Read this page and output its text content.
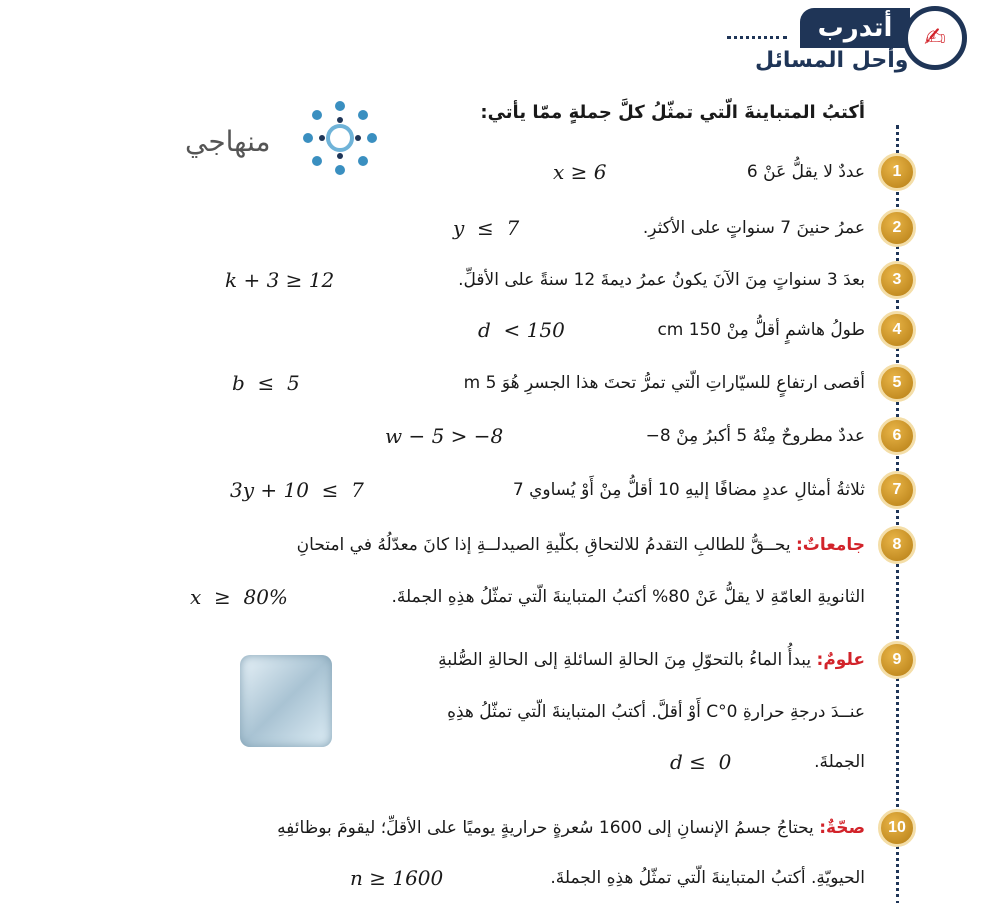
أتدرب
وأحل المسائل
✍
منهاجي
أكتبُ المتباينةَ الّتي تمثّلُ كلَّ جملةٍ ممّا يأتي:
1
عددٌ لا يقلُّ عَنْ 6
x ≥ 6
2
عمرُ حنينَ 7 سنواتٍ على الأكثرِ.
y  ≤  7
3
بعدَ 3 سنواتٍ مِنَ الآنَ يكونُ عمرُ ديمةَ 12 سنةً على الأقلِّ.
k + 3 ≥ 12
4
طولُ هاشمٍ أقلُّ مِنْ 150 cm
d  < 150
5
أقصى ارتفاعٍ للسيّاراتِ الّتي تمرُّ تحتَ هذا الجسرِ هُوَ 5 m
b  ≤  5
6
عددٌ مطروحٌ مِنْهُ 5 أكبرُ مِنْ 8−
w − 5 > −8
7
ثلاثةُ أمثالِ عددٍ مضافًا إليهِ 10 أقلُّ مِنْ أَوْ يُساوي 7
3y + 10  ≤  7
8
جامعاتٌ: يحــقُّ للطالبِ التقدمُ للالتحاقِ بكلّيةِ الصيدلــةِ إذا كانَ معدّلُهُ في امتحانِ
الثانويةِ العامّةِ لا يقلُّ عَنْ 80% أكتبُ المتباينةَ الّتي تمثّلُ هذِهِ الجملةَ.
x  ≥  80%
9
علومٌ: يبدأُ الماءُ بالتحوّلِ مِنَ الحالةِ السائلةِ إلى الحالةِ الصُّلبةِ
عنــدَ درجةِ حرارةِ 0°C أَوْ أقلَّ. أكتبُ المتباينةَ الّتي تمثّلُ هذِهِ
الجملةَ.
d ≤  0
10
صحّةٌ: يحتاجُ جسمُ الإنسانِ إلى 1600 سُعرةٍ حراريةٍ يوميًا على الأقلِّ؛ ليقومَ بوظائفِهِ
الحيويّةِ. أكتبُ المتباينةَ الّتي تمثّلُ هذِهِ الجملةَ.
n ≥ 1600
